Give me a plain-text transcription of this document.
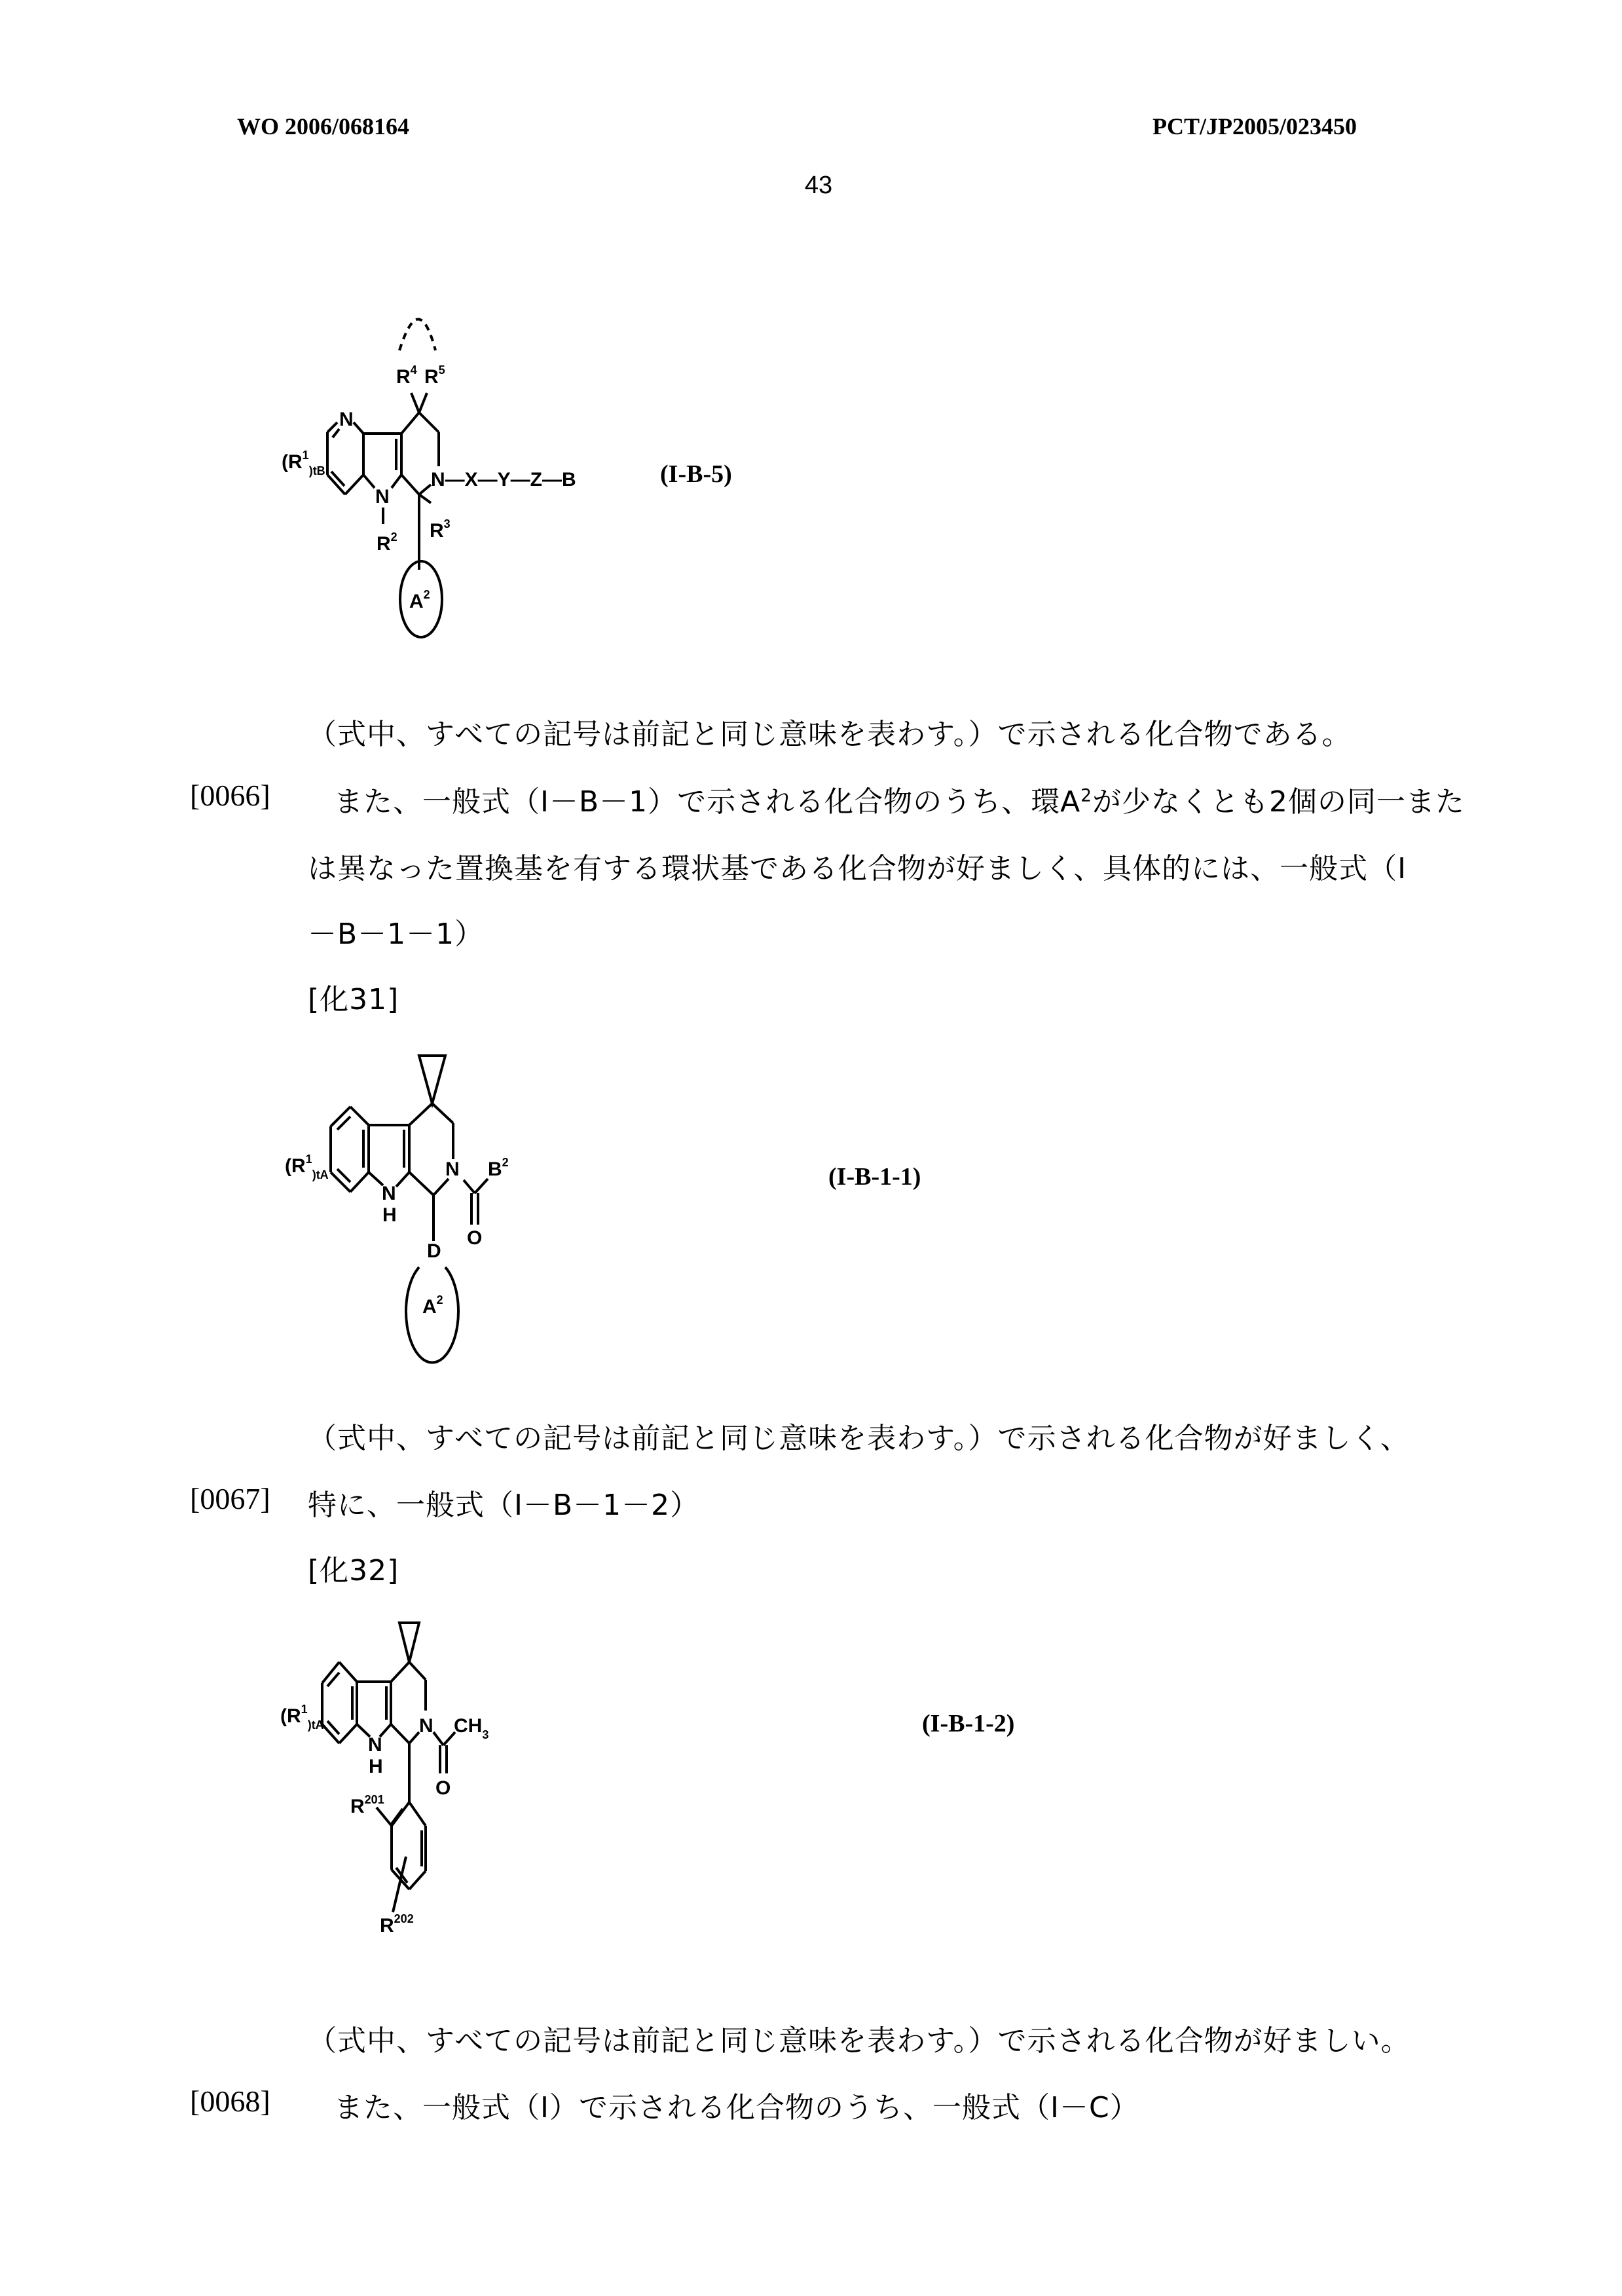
WO 2006/068164	PCT/JP2005/023450
43
($R^1_)tB$
N
N
$R^2$ $R^3$
$R^4$ $R^5$
N—X—Y—Z—B
$A^2$
(I-B-5)
（式中、すべての記号は前記と同じ意味を表わす。）で示される化合物である。
[0066] また、一般式（I－B－1）で示される化合物のうち、環$A^2$が少なくとも2個の同一また
は異なった置換基を有する環状基である化合物が好ましく、具体的には、一般式（I
－B－1－1）
[化31]
($R^1_)tA$
N
H
N $B^2$
O
D
$A^2$
(I-B-1-1)
（式中、すべての記号は前記と同じ意味を表わす。）で示される化合物が好ましく、
[0067] 特に、一般式（I－B－1－2）
[化32]
($R^1_)tA$
N
H
N $CH_3$
O
$R^{201}$
$R^{202}$
(I-B-1-2)
（式中、すべての記号は前記と同じ意味を表わす。）で示される化合物が好ましい。
[0068] また、一般式（I）で示される化合物のうち、一般式（I－C）
